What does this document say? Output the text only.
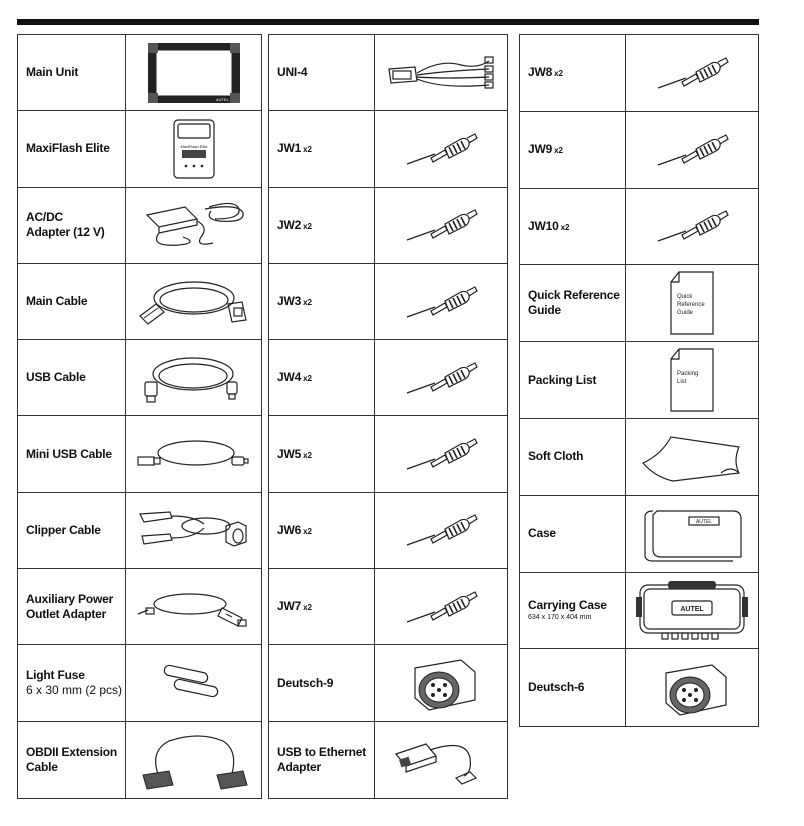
Main Unit
AUTEL
MaxiFlash Elite	MaxiFlash Elite
AC/DC
Adapter (12 V)
Main Cable
USB Cable
Mini USB Cable
Clipper Cable
Auxiliary Power
Outlet Adapter
Light Fuse
6 x 30 mm (2 pcs)
OBDII Extension
Cable
UNI-4
JW1 x2
JW2 x2
JW3 x2
JW4 x2
JW5 x2
JW6 x2
JW7 x2
Deutsch-9
USB to Ethernet
Adapter
JW8 x2
JW9 x2
JW10 x2
Quick Reference
Guide
Quick
Reference
Guide
Packing List	Packing
List
Soft Cloth
Case
AUTEL
Carrying Case
634 x 170 x 404 mm
AUTEL
Deutsch-6
